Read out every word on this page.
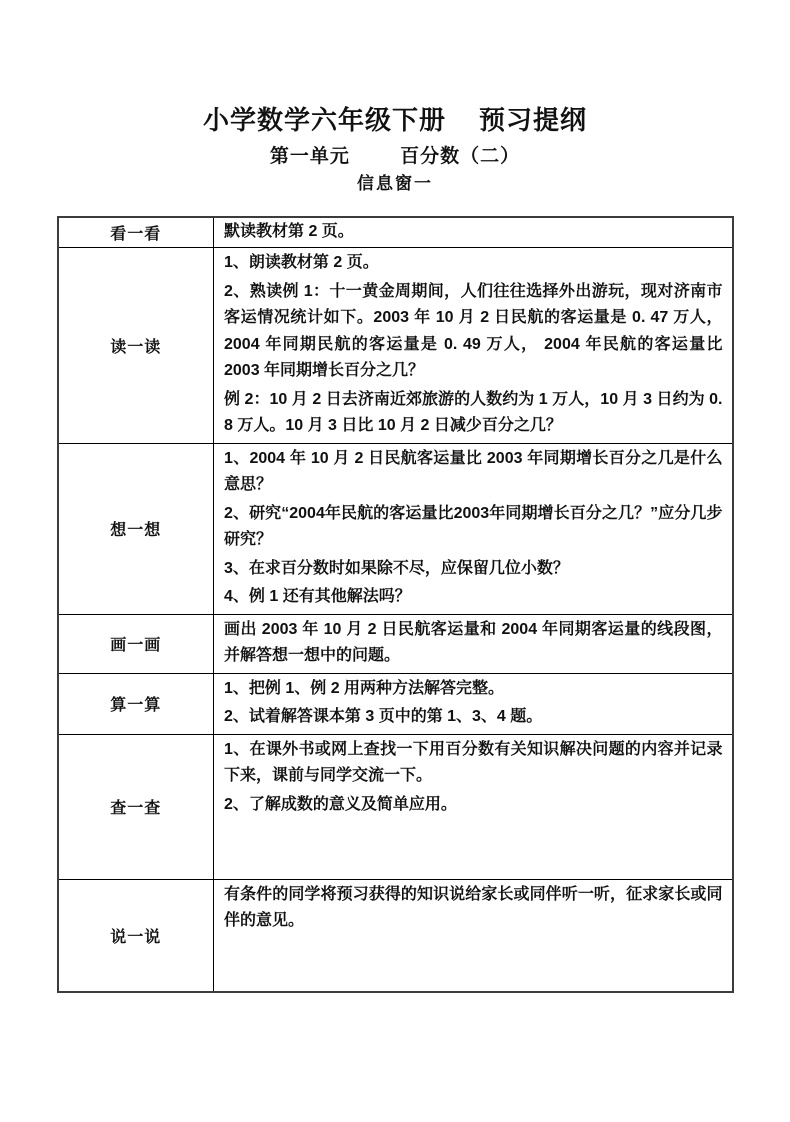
小学数学六年级下册    预习提纲
第一单元        百分数（二）
信息窗一
看一看	默读教材第 2 页。

读一读	1、朗读教材第 2 页。

2、熟读例 1：十一黄金周期间，人们往往选择外出游玩，现对济南市客运情况统计如下。2003 年 10 月 2 日民航的客运量是 0. 47 万人，2004 年同期民航的客运量是 0. 49 万人， 2004 年民航的客运量比 2003 年同期增长百分之几？

例 2：10 月 2 日去济南近郊旅游的人数约为 1 万人，10 月 3 日约为 0. 8 万人。10 月 3 日比 10 月 2 日减少百分之几？

想一想	1、2004 年 10 月 2 日民航客运量比 2003 年同期增长百分之几是什么意思？

2、研究“2004年民航的客运量比2003年同期增长百分之几？”应分几步研究？

3、在求百分数时如果除不尽，应保留几位小数？

4、例 1 还有其他解法吗？

画一画	画出 2003 年 10 月 2 日民航客运量和 2004 年同期客运量的线段图，并解答想一想中的问题。

算一算	1、把例 1、例 2 用两种方法解答完整。

2、试着解答课本第 3 页中的第 1、3、4 题。

查一查	1、在课外书或网上查找一下用百分数有关知识解决问题的内容并记录下来，课前与同学交流一下。

2、了解成数的意义及简单应用。

说一说	有条件的同学将预习获得的知识说给家长或同伴听一听，征求家长或同伴的意见。
